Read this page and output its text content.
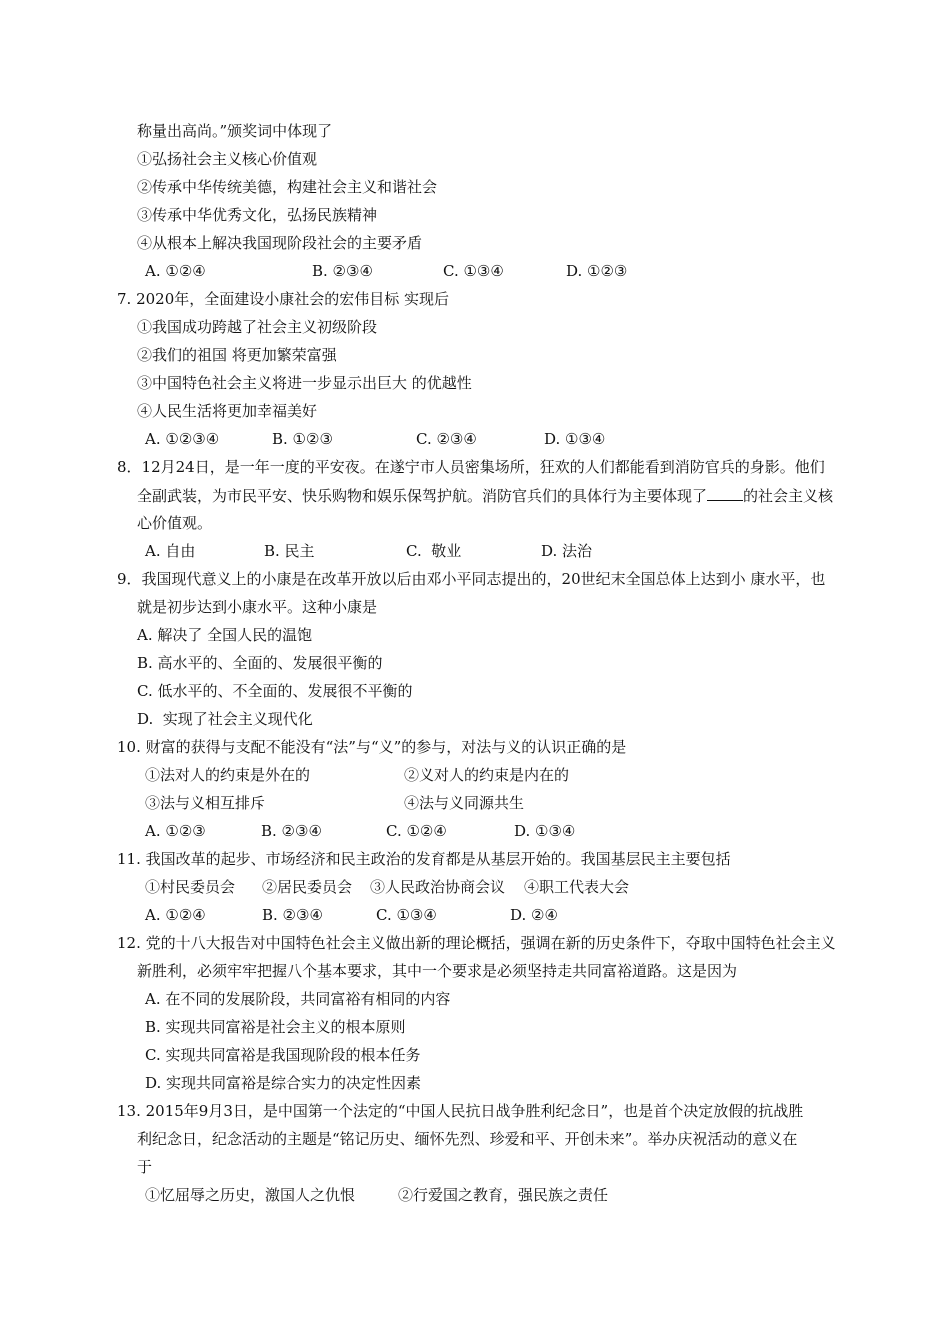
称量出高尚。”颁奖词中体现了
①弘扬社会主义核心价值观
②传承中华传统美德，构建社会主义和谐社会
③传承中华优秀文化，弘扬民族精神
④从根本上解决我国现阶段社会的主要矛盾
A. ①②④	B. ②③④	C. ①③④	D. ①②③
7. 2020年，全面建设小康社会的宏伟目标 实现后
①我国成功跨越了社会主义初级阶段
②我们的祖国 将更加繁荣富强
③中国特色社会主义将进一步显示出巨大 的优越性
④人民生活将更加幸福美好
A. ①②③④	B. ①②③	C. ②③④	D. ①③④
8．12月24日，是一年一度的平安夜。在遂宁市人员密集场所，狂欢的人们都能看到消防官兵的身影。他们
全副武装，为市民平安、快乐购物和娱乐保驾护航。消防官兵们的具体行为主要体现了 的社会主义核
心价值观。
A. 自由	B. 民主	C.  敬业	D. 法治
9．我国现代意义上的小康是在改革开放以后由邓小平同志提出的，20世纪末全国总体上达到小 康水平，也
就是初步达到小康水平。这种小康是
A. 解决了 全国人民的温饱
B. 高水平的、全面的、发展很平衡的
C. 低水平的、不全面的、发展很不平衡的
D.  实现了社会主义现代化
10. 财富的获得与支配不能没有“法”与“义”的参与，对法与义的认识正确的是
①法对人的约束是外在的	②义对人的约束是内在的
③法与义相互排斥	④法与义同源共生
A. ①②③	B. ②③④	C. ①②④	D. ①③④
11. 我国改革的起步、市场经济和民主政治的发育都是从基层开始的。我国基层民主主要包括
①村民委员会 ②居民委员会 ③人民政治协商会议 ④职工代表大会
A. ①②④	B. ②③④	C. ①③④	D. ②④
12. 党的十八大报告对中国特色社会主义做出新的理论概括，强调在新的历史条件下，夺取中国特色社会主义
新胜利，必须牢牢把握八个基本要求，其中一个要求是必须坚持走共同富裕道路。这是因为
A. 在不同的发展阶段，共同富裕有相同的内容
B. 实现共同富裕是社会主义的根本原则
C. 实现共同富裕是我国现阶段的根本任务
D. 实现共同富裕是综合实力的决定性因素
13. 2015年9月3日，是中国第一个法定的“中国人民抗日战争胜利纪念日”，也是首个决定放假的抗战胜
利纪念日，纪念活动的主题是“铭记历史、缅怀先烈、珍爱和平、开创未来”。举办庆祝活动的意义在
于
①忆屈辱之历史，激国人之仇恨	②行爱国之教育，强民族之责任
